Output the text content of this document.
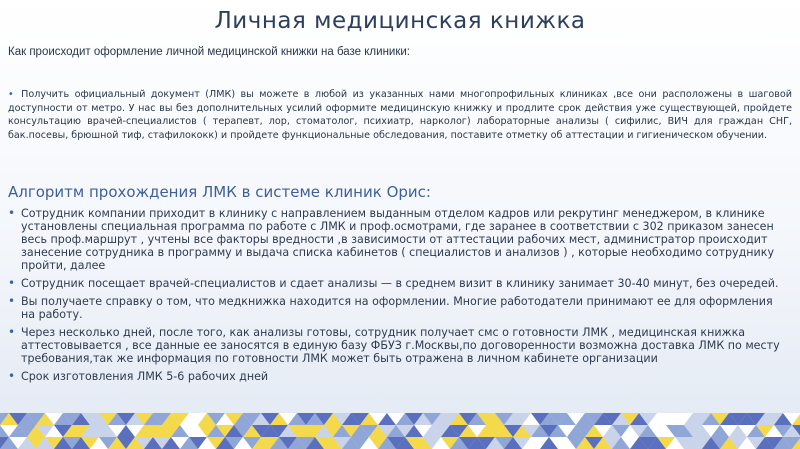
Личная медицинская книжка
Как происходит оформление личной медицинской книжки на базе клиники:
• Получить официальный документ (ЛМК) вы можете в любой из указанных нами многопрофильных клиниках ,все они расположены в шаговой доступности от метро. У нас вы без дополнительных усилий оформите медицинскую книжку и продлите срок действия уже существующей, пройдете консультацию врачей-специалистов ( терапевт, лор, стоматолог, психиатр, нарколог) лабораторные анализы ( сифилис, ВИЧ для граждан СНГ, бак.посевы, брюшной тиф, стафилококк) и пройдете функциональные обследования, поставите отметку об аттестации и гигиеническом обучении.
Алгоритм прохождения ЛМК в системе клиник Орис:
• Сотрудник компании приходит в клинику с направлением выданным отделом кадров или рекрутинг менеджером, в клинике установлены специальная программа по работе с ЛМК и проф.осмотрами, где заранее в соответствии с 302 приказом занесен весь проф.маршрут , учтены все факторы вредности ,в зависимости от аттестации рабочих мест, администратор происходит занесение сотрудника в программу и выдача списка кабинетов ( специалистов и анализов ) , которые необходимо сотруднику пройти, далее
• Сотрудник посещает врачей-специалистов и сдает анализы — в среднем визит в клинику занимает 30-40 минут, без очередей.
• Вы получаете справку о том, что медкнижка находится на оформлении. Многие работодатели принимают ее для оформления на работу.
• Через несколько дней, после того, как анализы готовы, сотрудник получает смс о готовности ЛМК , медицинская книжка аттестовывается , все данные ее заносятся в единую базу ФБУЗ г.Москвы,по договоренности возможна доставка ЛМК по месту требования,так же информация по готовности ЛМК может быть отражена в личном кабинете организации
• Срок изготовления ЛМК 5-6 рабочих дней
